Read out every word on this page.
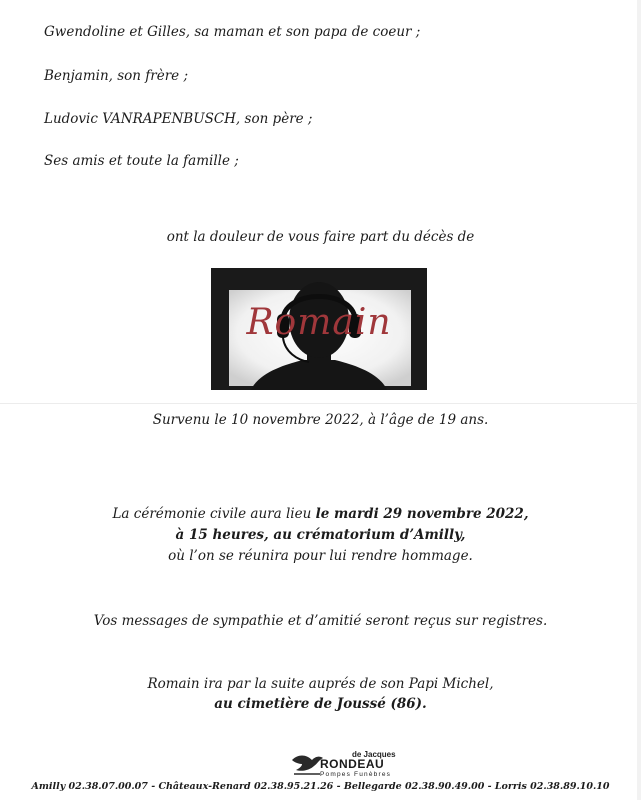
Gwendoline et Gilles, sa maman et son papa de coeur ;
Benjamin, son frère ;
Ludovic VANRAPENBUSCH, son père ;
Ses amis et toute la famille ;
ont la douleur de vous faire part du décès de
Romain
Survenu le 10 novembre 2022, à l’âge de 19 ans.
La cérémonie civile aura lieu le mardi 29 novembre 2022,
à 15 heures, au crématorium d’Amilly,
où l’on se réunira pour lui rendre hommage.
Vos messages de sympathie et d’amitié seront reçus sur registres.
Romain ira par la suite auprés de son Papi Michel,
au cimetière de Joussé (86).
de Jacques
RONDEAU
Pompes Funèbres
Amilly 02.38.07.00.07 - Châteaux-Renard 02.38.95.21.26 - Bellegarde 02.38.90.49.00 - Lorris 02.38.89.10.10
